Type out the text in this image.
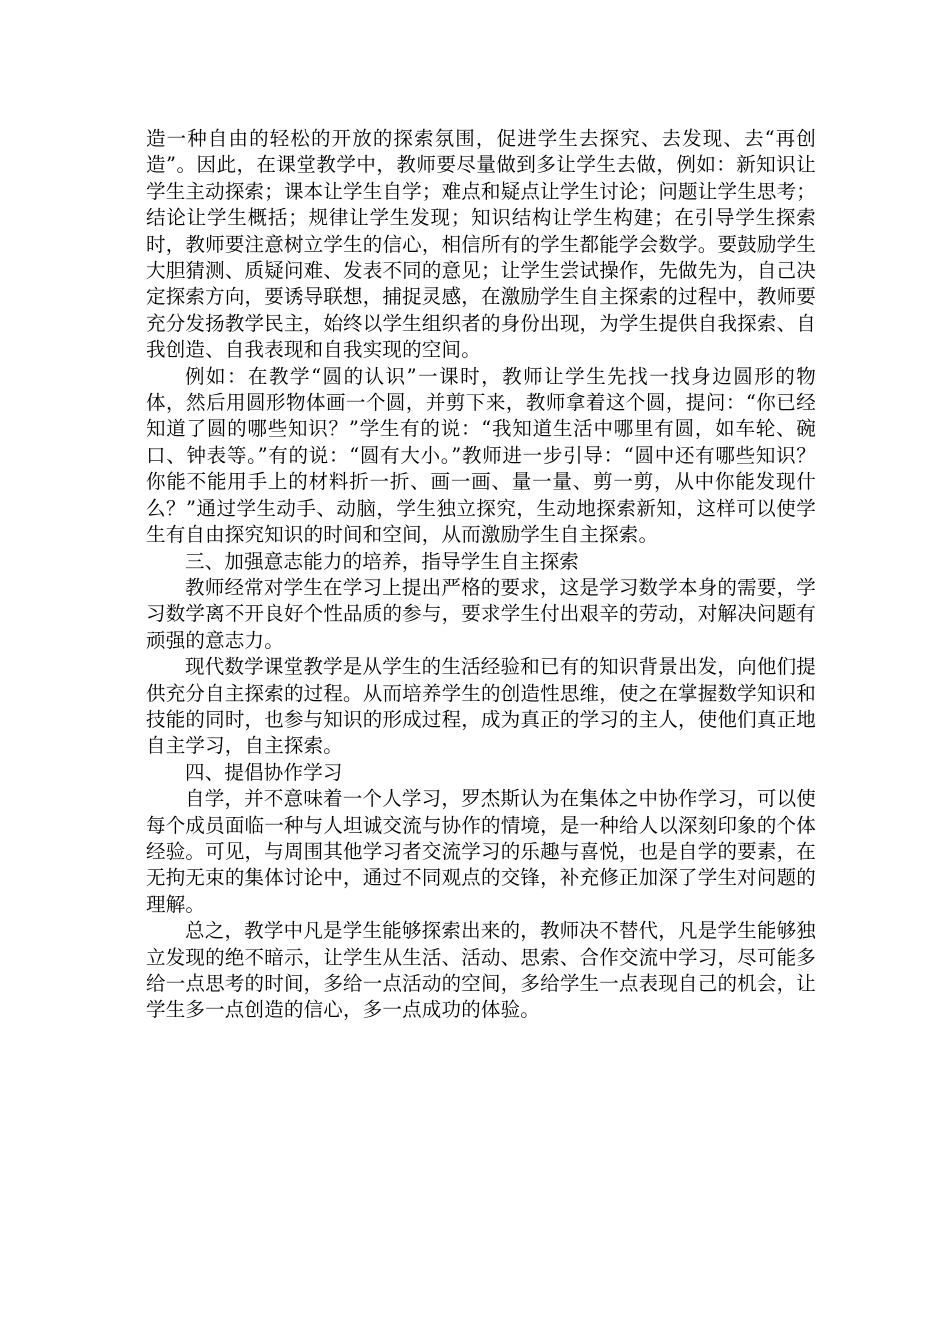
造一种自由的轻松的开放的探索氛围，促进学生去探究、去发现、去“再创造”。因此，在课堂教学中，教师要尽量做到多让学生去做，例如：新知识让学生主动探索；课本让学生自学；难点和疑点让学生讨论；问题让学生思考；结论让学生概括；规律让学生发现；知识结构让学生构建；在引导学生探索时，教师要注意树立学生的信心，相信所有的学生都能学会数学。要鼓励学生大胆猜测、质疑问难、发表不同的意见；让学生尝试操作，先做先为，自己决定探索方向，要诱导联想，捕捉灵感，在激励学生自主探索的过程中，教师要充分发扬教学民主，始终以学生组织者的身份出现，为学生提供自我探索、自我创造、自我表现和自我实现的空间。

例如：在教学“圆的认识”一课时，教师让学生先找一找身边圆形的物体，然后用圆形物体画一个圆，并剪下来，教师拿着这个圆，提问：“你已经知道了圆的哪些知识？”学生有的说：“我知道生活中哪里有圆，如车轮、碗口、钟表等。”有的说：“圆有大小。”教师进一步引导：“圆中还有哪些知识？你能不能用手上的材料折一折、画一画、量一量、剪一剪，从中你能发现什么？”通过学生动手、动脑，学生独立探究，生动地探索新知，这样可以使学生有自由探究知识的时间和空间，从而激励学生自主探索。

三、加强意志能力的培养，指导学生自主探索

教师经常对学生在学习上提出严格的要求，这是学习数学本身的需要，学习数学离不开良好个性品质的参与，要求学生付出艰辛的劳动，对解决问题有顽强的意志力。

现代数学课堂教学是从学生的生活经验和已有的知识背景出发，向他们提供充分自主探索的过程。从而培养学生的创造性思维，使之在掌握数学知识和技能的同时，也参与知识的形成过程，成为真正的学习的主人，使他们真正地自主学习，自主探索。

四、提倡协作学习

自学，并不意味着一个人学习，罗杰斯认为在集体之中协作学习，可以使每个成员面临一种与人坦诚交流与协作的情境，是一种给人以深刻印象的个体经验。可见，与周围其他学习者交流学习的乐趣与喜悦，也是自学的要素，在无拘无束的集体讨论中，通过不同观点的交锋，补充修正加深了学生对问题的理解。

总之，教学中凡是学生能够探索出来的，教师决不替代，凡是学生能够独立发现的绝不暗示，让学生从生活、活动、思索、合作交流中学习，尽可能多给一点思考的时间，多给一点活动的空间，多给学生一点表现自己的机会，让学生多一点创造的信心，多一点成功的体验。
